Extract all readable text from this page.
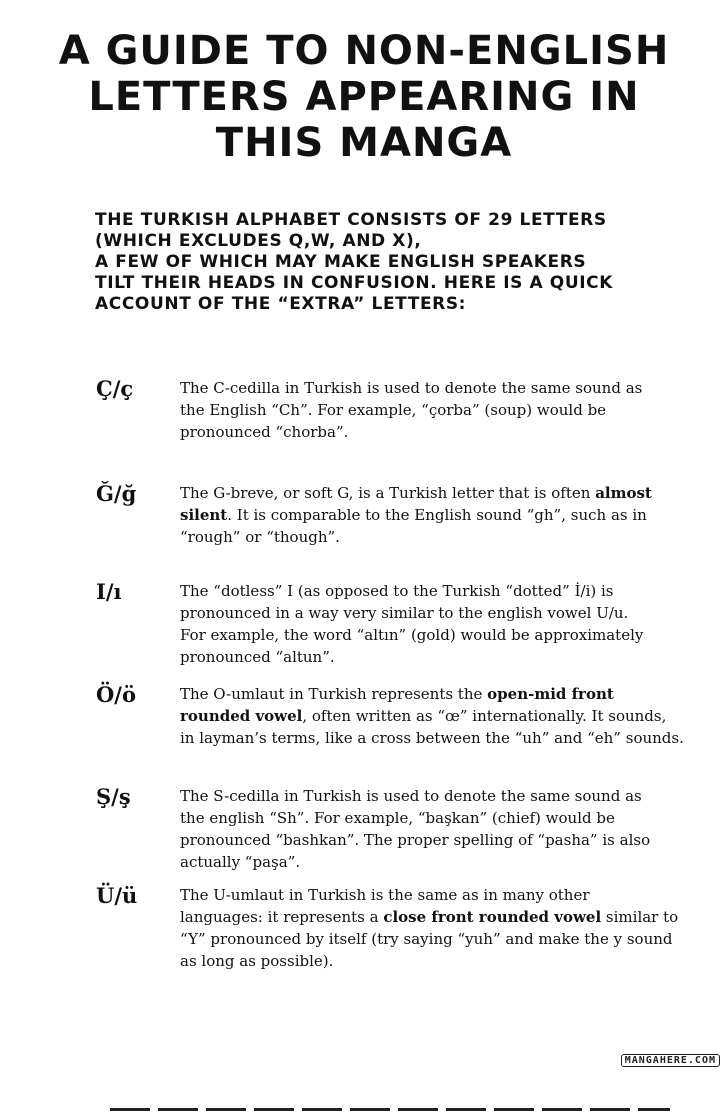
A GUIDE TO NON-ENGLISH
LETTERS APPEARING IN
THIS MANGA
THE TURKISH ALPHABET CONSISTS OF 29 LETTERS
(WHICH EXCLUDES Q,W, AND X),
A FEW OF WHICH MAY MAKE ENGLISH SPEAKERS
TILT THEIR HEADS IN CONFUSION. HERE IS A QUICK
ACCOUNT OF THE “EXTRA” LETTERS:
Ç/ç	The C-cedilla in Turkish is used to denote the same sound as
the English “Ch”. For example, “çorba” (soup) would be
pronounced “chorba”.
Ğ/ğ	The G-breve, or soft G, is a Turkish letter that is often almost
silent. It is comparable to the English sound “gh”, such as in
“rough” or “though”.
I/ı	The “dotless” I (as opposed to the Turkish “dotted” İ/i) is
pronounced in a way very similar to the english vowel U/u.
For example, the word “altın” (gold) would be approximately
pronounced “altun”.
Ö/ö	The O-umlaut in Turkish represents the open-mid front
rounded vowel, often written as “œ” internationally. It sounds,
in layman’s terms, like a cross between the “uh” and “eh” sounds.
Ş/ş	The S-cedilla in Turkish is used to denote the same sound as
the english “Sh”. For example, “başkan” (chief) would be
pronounced “bashkan”. The proper spelling of “pasha” is also
actually “paşa”.
Ü/ü	The U-umlaut in Turkish is the same as in many other
languages: it represents a close front rounded vowel similar to
“Y” pronounced by itself (try saying “yuh” and make the y sound
as long as possible).
MANGAHERE.COM
